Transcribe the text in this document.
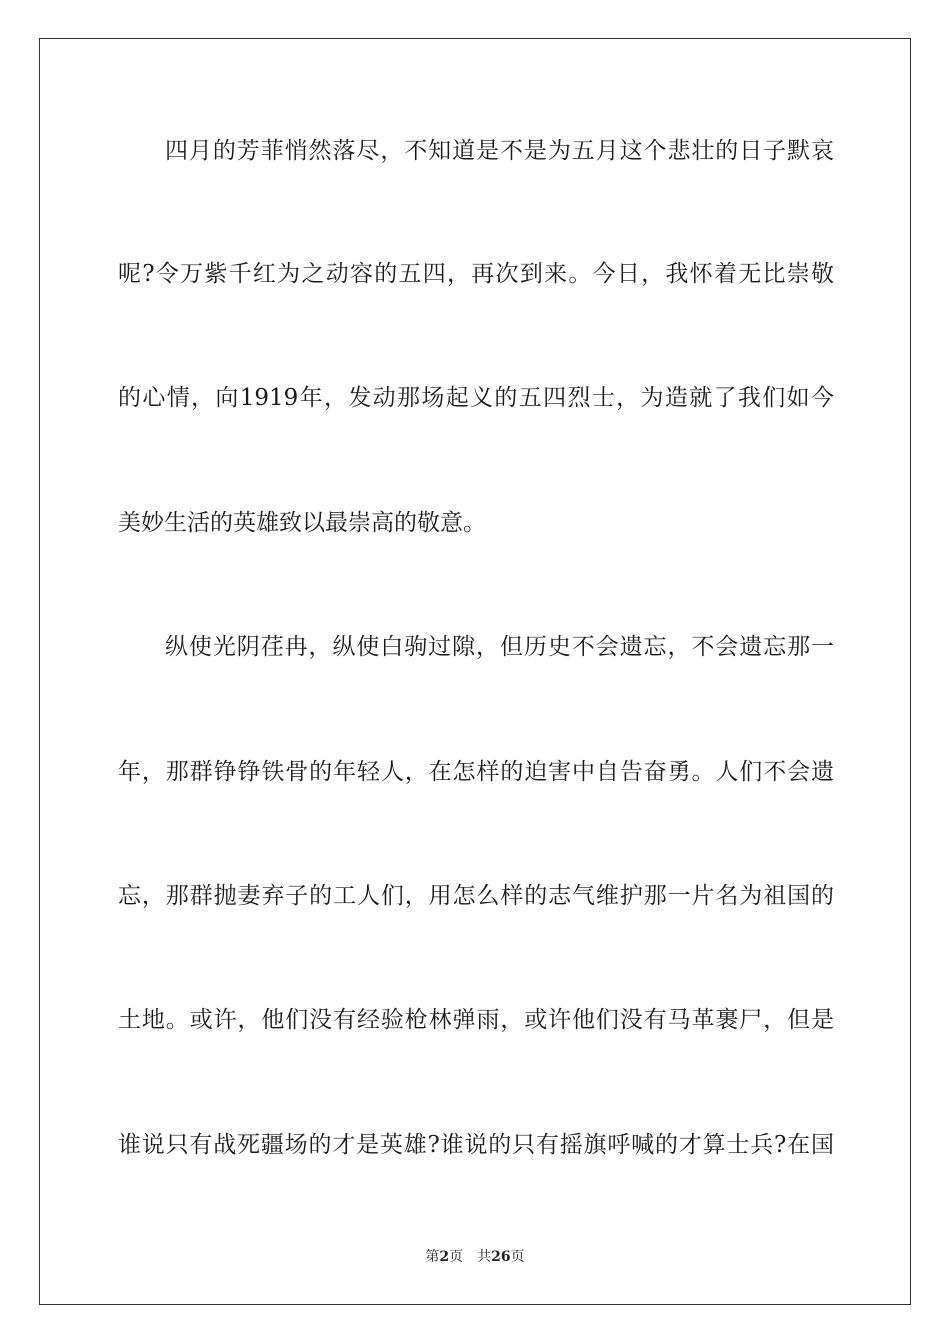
四月的芳菲悄然落尽，不知道是不是为五月这个悲壮的日子默哀
呢?令万紫千红为之动容的五四，再次到来。今日，我怀着无比崇敬
的心情，向1919年，发动那场起义的五四烈士，为造就了我们如今
美妙生活的英雄致以最崇高的敬意。
纵使光阴荏冉，纵使白驹过隙，但历史不会遗忘，不会遗忘那一
年，那群铮铮铁骨的年轻人，在怎样的迫害中自告奋勇。人们不会遗
忘，那群抛妻弃子的工人们，用怎么样的志气维护那一片名为祖国的
土地。或许，他们没有经验枪林弹雨，或许他们没有马革裹尸，但是
谁说只有战死疆场的才是英雄?谁说的只有摇旗呼喊的才算士兵?在国
第2页 共26页
